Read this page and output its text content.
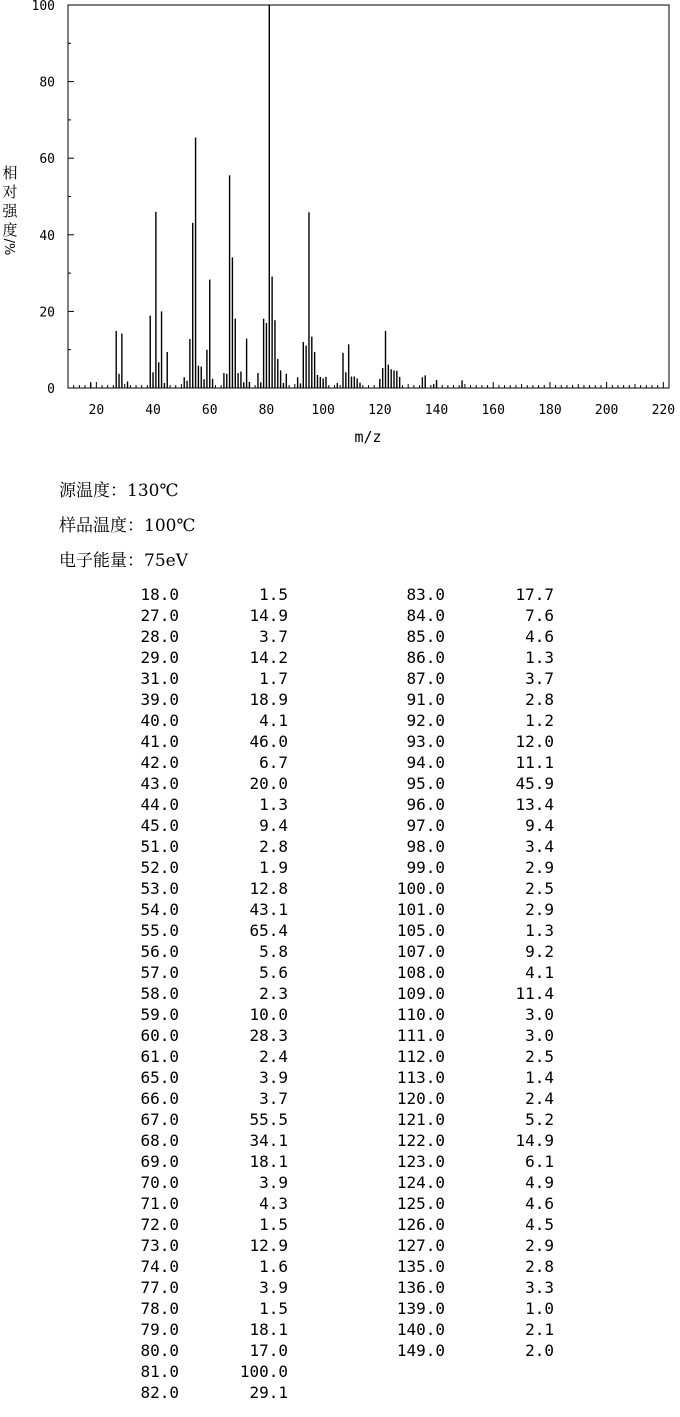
20	40	60	80	100	120	140	160	180	200	220
0
20
40
60
80
100
m/z
相
对
强
度
/%
源温度：130℃
样品温度：100℃
电子能量：75eV
18.0	1.5
27.0	14.9
28.0	3.7
29.0	14.2
31.0	1.7
39.0	18.9
40.0	4.1
41.0	46.0
42.0	6.7
43.0	20.0
44.0	1.3
45.0	9.4
51.0	2.8
52.0	1.9
53.0	12.8
54.0	43.1
55.0	65.4
56.0	5.8
57.0	5.6
58.0	2.3
59.0	10.0
60.0	28.3
61.0	2.4
65.0	3.9
66.0	3.7
67.0	55.5
68.0	34.1
69.0	18.1
70.0	3.9
71.0	4.3
72.0	1.5
73.0	12.9
74.0	1.6
77.0	3.9
78.0	1.5
79.0	18.1
80.0	17.0
81.0	100.0
82.0	29.1
83.0	17.7
84.0	7.6
85.0	4.6
86.0	1.3
87.0	3.7
91.0	2.8
92.0	1.2
93.0	12.0
94.0	11.1
95.0	45.9
96.0	13.4
97.0	9.4
98.0	3.4
99.0	2.9
100.0	2.5
101.0	2.9
105.0	1.3
107.0	9.2
108.0	4.1
109.0	11.4
110.0	3.0
111.0	3.0
112.0	2.5
113.0	1.4
120.0	2.4
121.0	5.2
122.0	14.9
123.0	6.1
124.0	4.9
125.0	4.6
126.0	4.5
127.0	2.9
135.0	2.8
136.0	3.3
139.0	1.0
140.0	2.1
149.0	2.0
